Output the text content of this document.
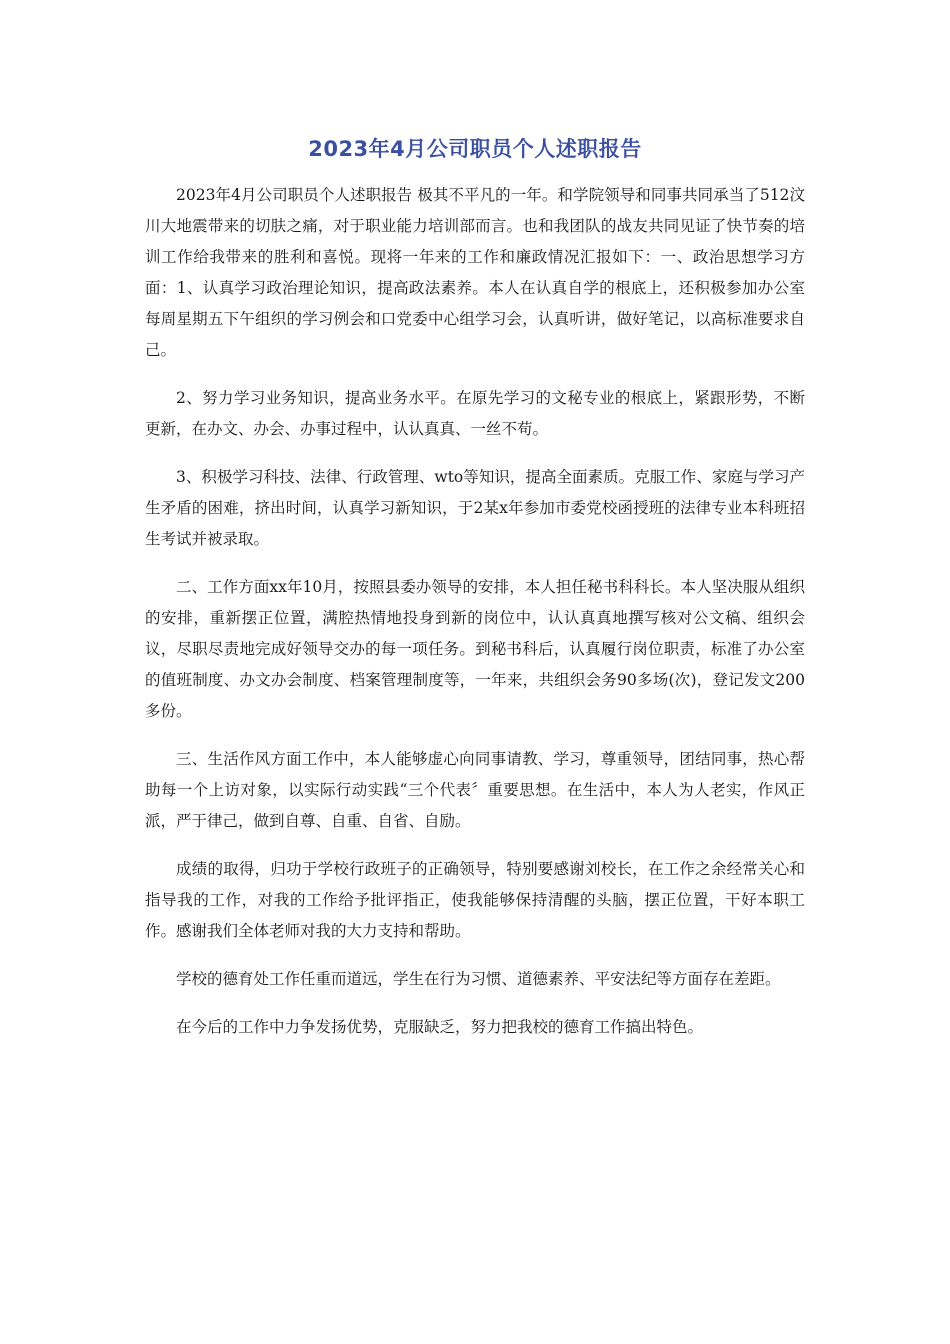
2023年4月公司职员个人述职报告

2023年4月公司职员个人述职报告 极其不平凡的一年。和学院领导和同事共同承当了512汶川大地震带来的切肤之痛，对于职业能力培训部而言。也和我团队的战友共同见证了快节奏的培训工作给我带来的胜利和喜悦。现将一年来的工作和廉政情况汇报如下：一、政治思想学习方面：1、认真学习政治理论知识，提高政法素养。本人在认真自学的根底上，还积极参加办公室每周星期五下午组织的学习例会和口党委中心组学习会，认真听讲，做好笔记，以高标准要求自己。

2、努力学习业务知识，提高业务水平。在原先学习的文秘专业的根底上，紧跟形势，不断更新，在办文、办会、办事过程中，认认真真、一丝不苟。

3、积极学习科技、法律、行政管理、wto等知识，提高全面素质。克服工作、家庭与学习产生矛盾的困难，挤出时间，认真学习新知识，于2某x年参加市委党校函授班的法律专业本科班招生考试并被录取。

二、工作方面xx年10月，按照县委办领导的安排，本人担任秘书科科长。本人坚决服从组织的安排，重新摆正位置，满腔热情地投身到新的岗位中，认认真真地撰写核对公文稿、组织会议，尽职尽责地完成好领导交办的每一项任务。到秘书科后，认真履行岗位职责，标准了办公室的值班制度、办文办会制度、档案管理制度等，一年来，共组织会务90多场(次)，登记发文200多份。

三、生活作风方面工作中，本人能够虚心向同事请教、学习，尊重领导，团结同事，热心帮助每一个上访对象，以实际行动实践“三个代表〞重要思想。在生活中，本人为人老实，作风正派，严于律己，做到自尊、自重、自省、自励。

成绩的取得，归功于学校行政班子的正确领导，特别要感谢刘校长，在工作之余经常关心和指导我的工作，对我的工作给予批评指正，使我能够保持清醒的头脑，摆正位置，干好本职工作。感谢我们全体老师对我的大力支持和帮助。

学校的德育处工作任重而道远，学生在行为习惯、道德素养、平安法纪等方面存在差距。

在今后的工作中力争发扬优势，克服缺乏，努力把我校的德育工作搞出特色。
